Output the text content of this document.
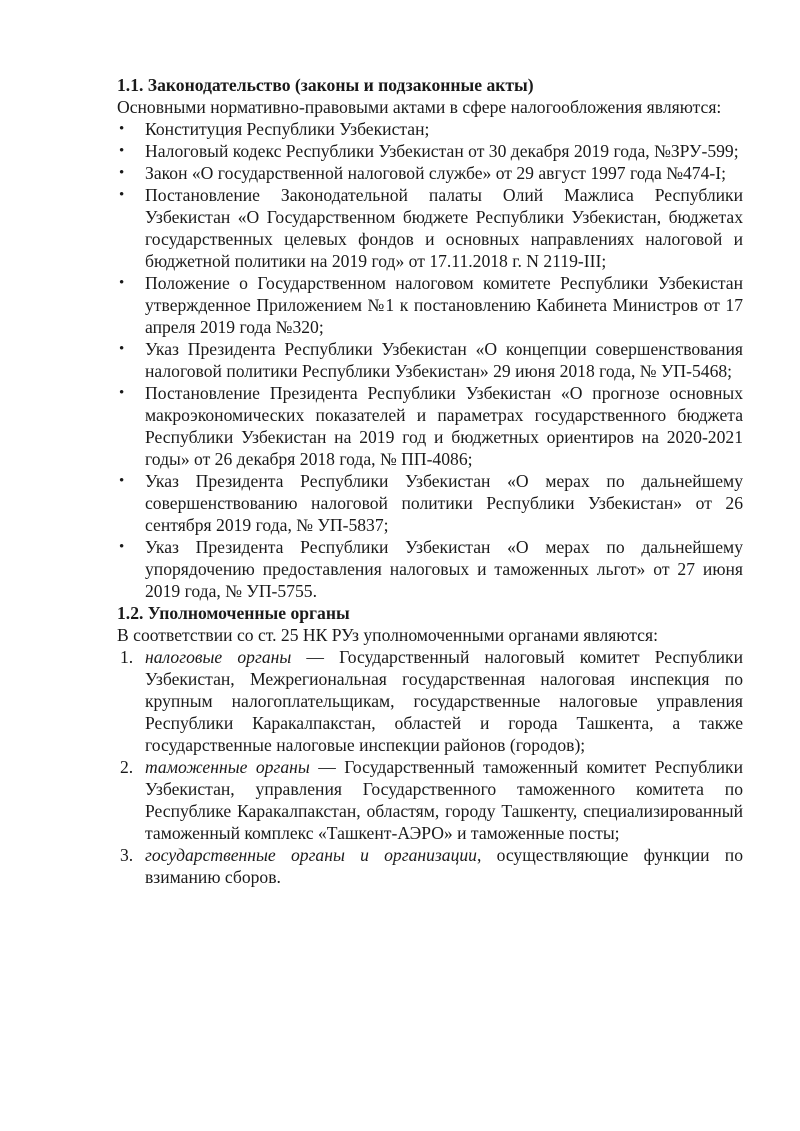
1.1. Законодательство (законы и подзаконные акты)

Основными нормативно-правовыми актами в сфере налогообложения являются:

• Конституция Республики Узбекистан;
• Налоговый кодекс Республики Узбекистан от 30 декабря 2019 года, №ЗРУ-599;
• Закон «О государственной налоговой службе» от 29 август 1997 года №474-I;
• Постановление Законодательной палаты Олий Мажлиса Республики Узбекистан «О Государственном бюджете Республики Узбекистан, бюджетах государственных целевых фондов и основных направлениях налоговой и бюджетной политики на 2019 год» от 17.11.2018 г. N 2119-III;
• Положение о Государственном налоговом комитете Республики Узбекистан утвержденное Приложением №1 к постановлению Кабинета Министров от 17 апреля 2019 года №320;
• Указ Президента Республики Узбекистан «О концепции совершенствования налоговой политики Республики Узбекистан» 29 июня 2018 года, № УП-5468;
• Постановление Президента Республики Узбекистан «О прогнозе основных макроэкономических показателей и параметрах государственного бюджета Республики Узбекистан на 2019 год и бюджетных ориентиров на 2020-2021 годы» от 26 декабря 2018 года, № ПП-4086;
• Указ Президента Республики Узбекистан «О мерах по дальнейшему совершенствованию налоговой политики Республики Узбекистан» от 26 сентября 2019 года, № УП-5837;
• Указ Президента Республики Узбекистан «О мерах по дальнейшему упорядочению предоставления налоговых и таможенных льгот» от 27 июня 2019 года, № УП-5755.

1.2. Уполномоченные органы

В соответствии со ст. 25 НК РУз уполномоченными органами являются:

1. налоговые органы — Государственный налоговый комитет Республики Узбекистан, Межрегиональная государственная налоговая инспекция по крупным налогоплательщикам, государственные налоговые управления Республики Каракалпакстан, областей и города Ташкента, а также государственные налоговые инспекции районов (городов);
2. таможенные органы — Государственный таможенный комитет Республики Узбекистан, управления Государственного таможенного комитета по Республике Каракалпакстан, областям, городу Ташкенту, специализированный таможенный комплекс «Ташкент-АЭРО» и таможенные посты;
3. государственные органы и организации, осуществляющие функции по взиманию сборов.
